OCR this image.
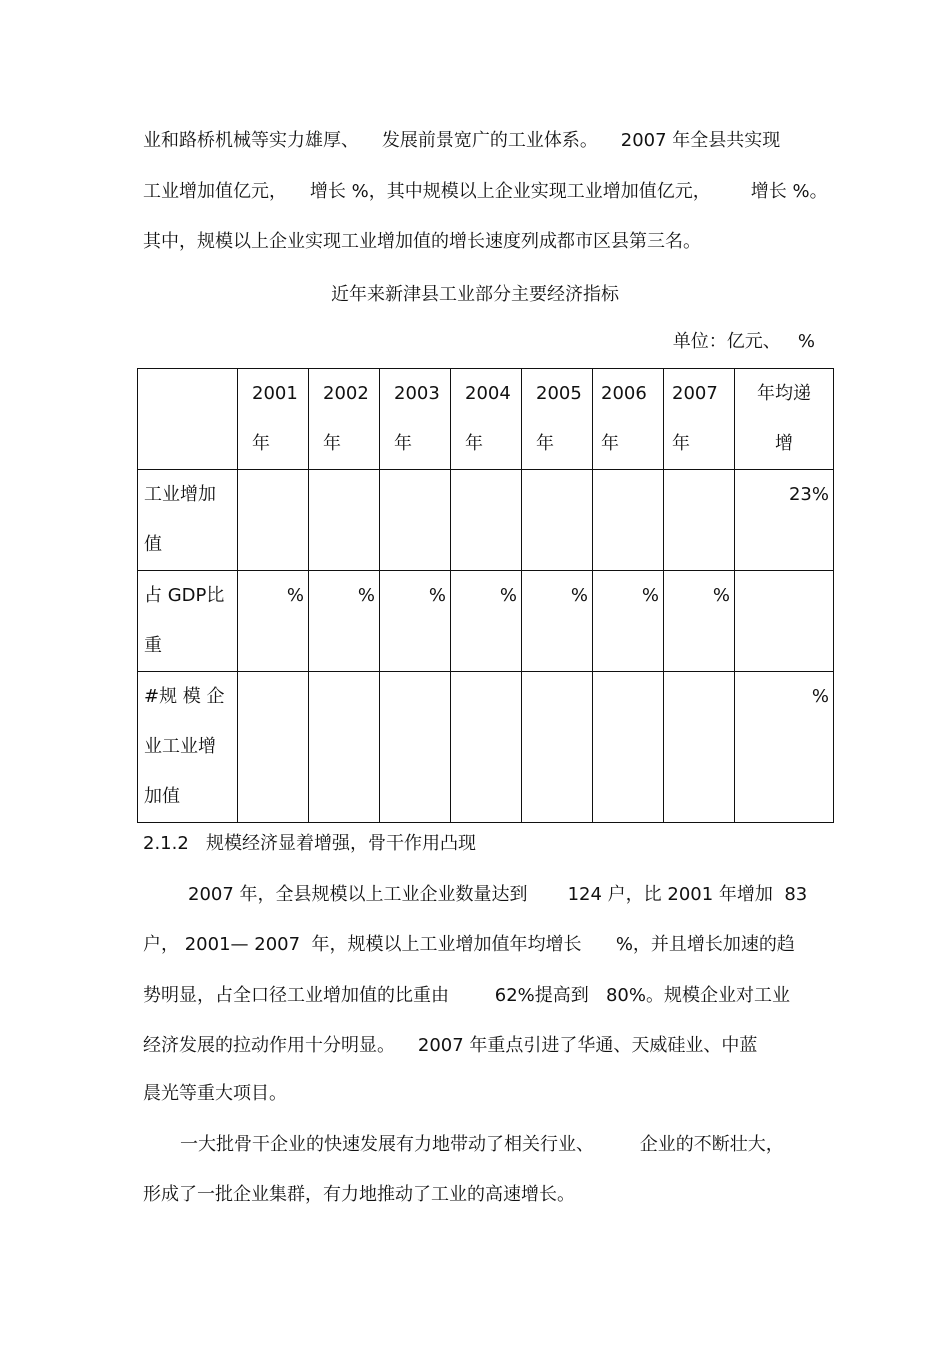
业和路桥机械等实力雄厚、    发展前景宽广的工业体系。    2007 年全县共实现
工业增加值亿元，    增长 %，其中规模以上企业实现工业增加值亿元，       增长 %。
其中，规模以上企业实现工业增加值的增长速度列成都市区县第三名。
近年来新津县工业部分主要经济指标
单位：亿元、   %

	2001
年	2002
年	2003
年	2004
年	2005
年	2006
年	2007
年	年均递
增

工业增加
值								23%

占 GDP比
重	%	%	%	%	%	%	%	

#规 模 企
业工业增
加值								%
2.1.2   规模经济显着增强，骨干作用凸现
2007 年，全县规模以上工业企业数量达到       124 户，比 2001 年增加  83
户， 2001— 2007  年，规模以上工业增加值年均增长      %，并且增长加速的趋
势明显，占全口径工业增加值的比重由        62%提高到   80%。规模企业对工业
经济发展的拉动作用十分明显。    2007 年重点引进了华通、天威硅业、中蓝
晨光等重大项目。
一大批骨干企业的快速发展有力地带动了相关行业、        企业的不断壮大，
形成了一批企业集群，有力地推动了工业的高速增长。
